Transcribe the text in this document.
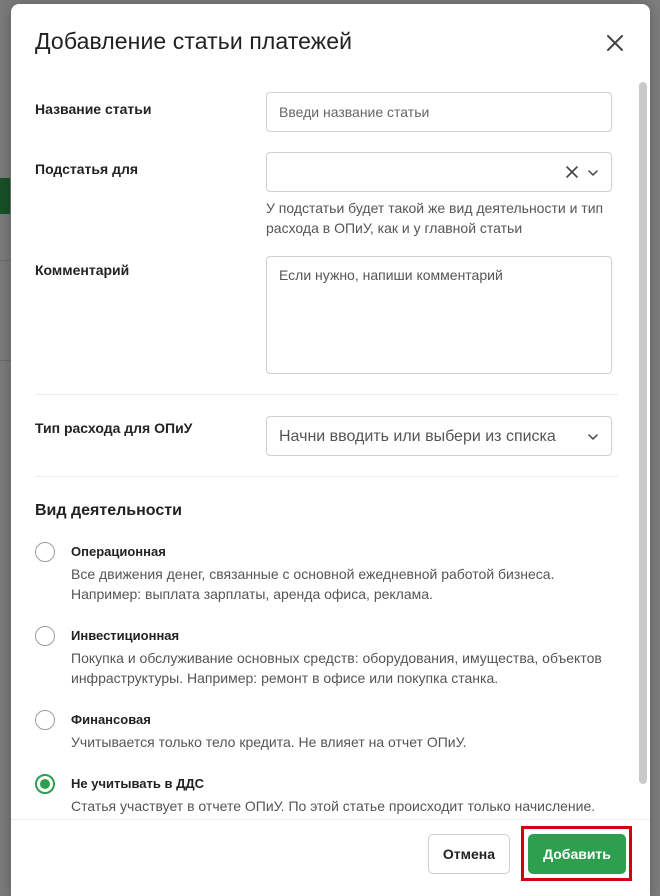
Добавление статьи платежей
Название статьи
Введи название статьи
Подстатья для
У подстатьи будет такой же вид деятельности и тип расхода в ОПиУ, как и у главной статьи
Комментарий
Если нужно, напиши комментарий
Тип расхода для ОПиУ	Начни вводить или выбери из списка
Вид деятельности
Операционная
Все движения денег, связанные с основной ежедневной работой бизнеса. Например: выплата зарплаты, аренда офиса, реклама.
Инвестиционная
Покупка и обслуживание основных средств: оборудования, имущества, объектов инфраструктуры. Например: ремонт в офисе или покупка станка.
Финансовая
Учитывается только тело кредита. Не влияет на отчет ОПиУ.
Не учитывать в ДДС
Статья участвует в отчете ОПиУ. По этой статье происходит только начисление.
Отмена	Добавить
